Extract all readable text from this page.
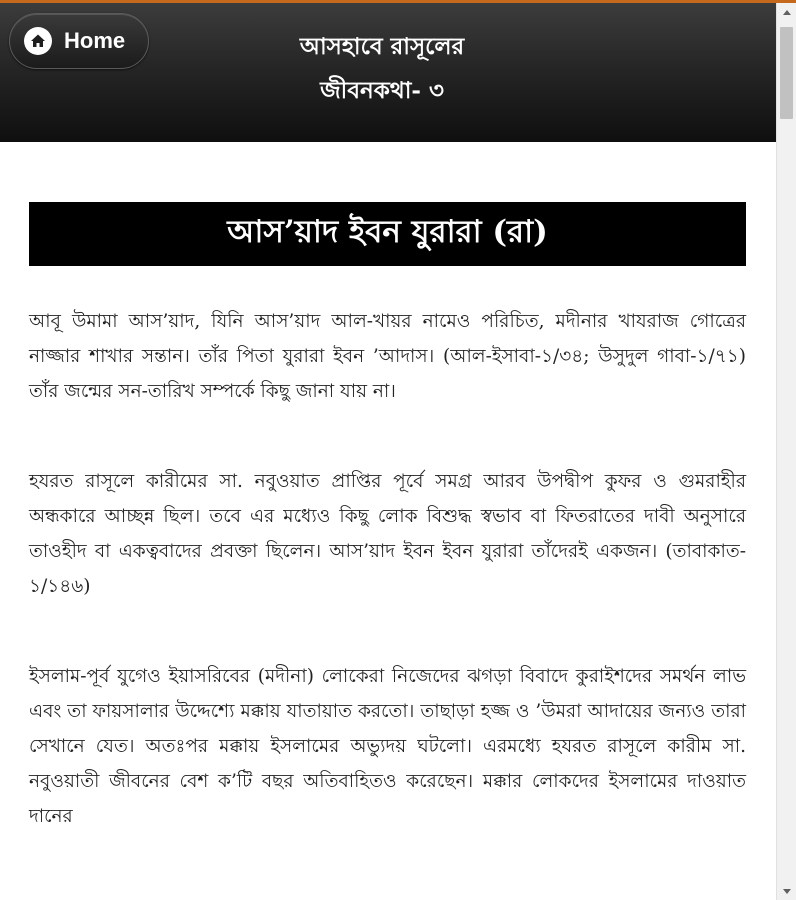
Home	আসহাবে রাসূলের
জীবনকথা- ৩
আস’য়াদ ইবন যুরারা (রা)

আবূ উমামা আস’য়াদ, যিনি আস’য়াদ আল-খায়র নামেও পরিচিত, মদীনার খাযরাজ গোত্রের নাজ্জার শাখার সন্তান। তাঁর পিতা যুরারা ইবন ’আদাস। (আল-ইসাবা-১/৩৪; উসুদুল গাবা-১/৭১) তাঁর জন্মের সন-তারিখ সম্পর্কে কিছু জানা যায় না।

হযরত রাসূলে কারীমের সা. নবুওয়াত প্রাপ্তির পূর্বে সমগ্র আরব উপদ্বীপ কুফর ও গুমরাহীর অন্ধকারে আচ্ছন্ন ছিল। তবে এর মধ্যেও কিছু লোক বিশুদ্ধ স্বভাব বা ফিতরাতের দাবী অনুসারে তাওহীদ বা একত্ববাদের প্রবক্তা ছিলেন। আস’য়াদ ইবন ইবন যুরারা তাঁদেরই একজন। (তাবাকাত- ১/১৪৬)

ইসলাম-পূর্ব যুগেও ইয়াসরিবের (মদীনা) লোকেরা নিজেদের ঝগড়া বিবাদে কুরাইশদের সমর্থন লাভ এবং তা ফায়সালার উদ্দেশ্যে মক্কায় যাতায়াত করতো। তাছাড়া হজ্জ ও ’উমরা আদায়ের জন্যও তারা সেখানে যেত। অতঃপর মক্কায় ইসলামের অভ্যুদয় ঘটলো। এরমধ্যে হযরত রাসূলে কারীম সা. নবুওয়াতী জীবনের বেশ ক’টি বছর অতিবাহিতও করেছেন। মক্কার লোকদের ইসলামের দাওয়াত দানের
